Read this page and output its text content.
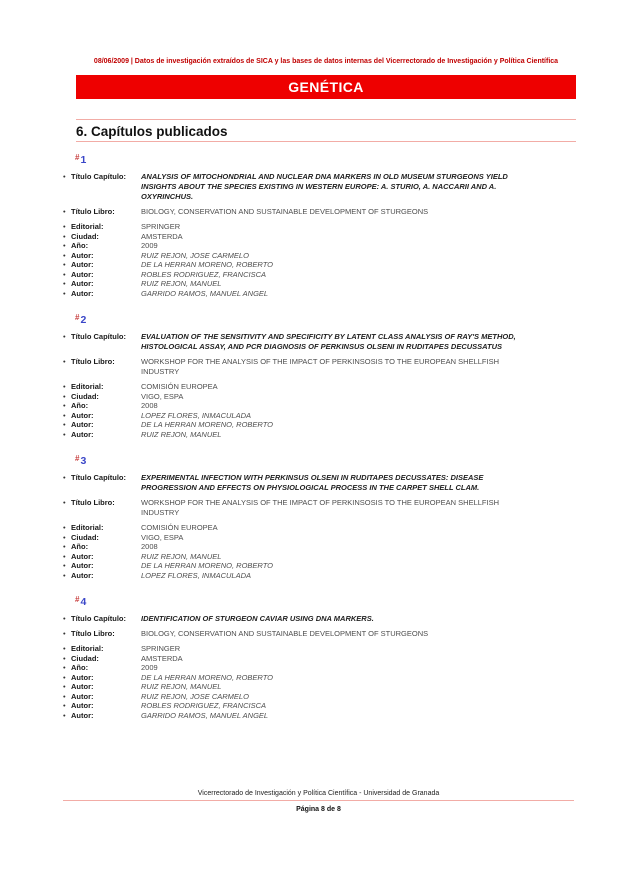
08/06/2009 | Datos de investigación extraídos de SICA y las bases de datos internas del Vicerrectorado de Investigación y Política Científica
GENÉTICA
6. Capítulos publicados
#1
• Título Capítulo:	ANALYSIS OF MITOCHONDRIAL AND NUCLEAR DNA MARKERS IN OLD MUSEUM STURGEONS YIELD INSIGHTS ABOUT THE SPECIES EXISTING IN WESTERN EUROPE: A. STURIO, A. NACCARII AND A. OXYRINCHUS.
• Título Libro:	BIOLOGY, CONSERVATION AND SUSTAINABLE DEVELOPMENT OF STURGEONS
• Editorial:	SPRINGER
• Ciudad:	AMSTERDA
• Año:	2009
• Autor:	RUIZ REJON, JOSE CARMELO
• Autor:	DE LA HERRAN MORENO, ROBERTO
• Autor:	ROBLES RODRIGUEZ, FRANCISCA
• Autor:	RUIZ REJON, MANUEL
• Autor:	GARRIDO RAMOS, MANUEL ANGEL
#2
• Título Capítulo:	EVALUATION OF THE SENSITIVITY AND SPECIFICITY BY LATENT CLASS ANALYSIS OF RAY'S METHOD, HISTOLOGICAL ASSAY, AND PCR DIAGNOSIS OF PERKINSUS OLSENI IN RUDITAPES DECUSSATUS
• Título Libro:	WORKSHOP FOR THE ANALYSIS OF THE IMPACT OF PERKINSOSIS TO THE EUROPEAN SHELLFISH INDUSTRY
• Editorial:	COMISIÓN EUROPEA
• Ciudad:	VIGO, ESPA
• Año:	2008
• Autor:	LOPEZ FLORES, INMACULADA
• Autor:	DE LA HERRAN MORENO, ROBERTO
• Autor:	RUIZ REJON, MANUEL
#3
• Título Capítulo:	EXPERIMENTAL INFECTION WITH PERKINSUS OLSENI IN RUDITAPES DECUSSATES: DISEASE PROGRESSION AND EFFECTS ON PHYSIOLOGICAL PROCESS IN THE CARPET SHELL CLAM.
• Título Libro:	WORKSHOP FOR THE ANALYSIS OF THE IMPACT OF PERKINSOSIS TO THE EUROPEAN SHELLFISH INDUSTRY
• Editorial:	COMISIÓN EUROPEA
• Ciudad:	VIGO, ESPA
• Año:	2008
• Autor:	RUIZ REJON, MANUEL
• Autor:	DE LA HERRAN MORENO, ROBERTO
• Autor:	LOPEZ FLORES, INMACULADA
#4
• Título Capítulo:	IDENTIFICATION OF STURGEON CAVIAR USING DNA MARKERS.
• Título Libro:	BIOLOGY, CONSERVATION AND SUSTAINABLE DEVELOPMENT OF STURGEONS
• Editorial:	SPRINGER
• Ciudad:	AMSTERDA
• Año:	2009
• Autor:	DE LA HERRAN MORENO, ROBERTO
• Autor:	RUIZ REJON, MANUEL
• Autor:	RUIZ REJON, JOSE CARMELO
• Autor:	ROBLES RODRIGUEZ, FRANCISCA
• Autor:	GARRIDO RAMOS, MANUEL ANGEL
Vicerrectorado de Investigación y Política Científica - Universidad de Granada
Página 8 de 8
